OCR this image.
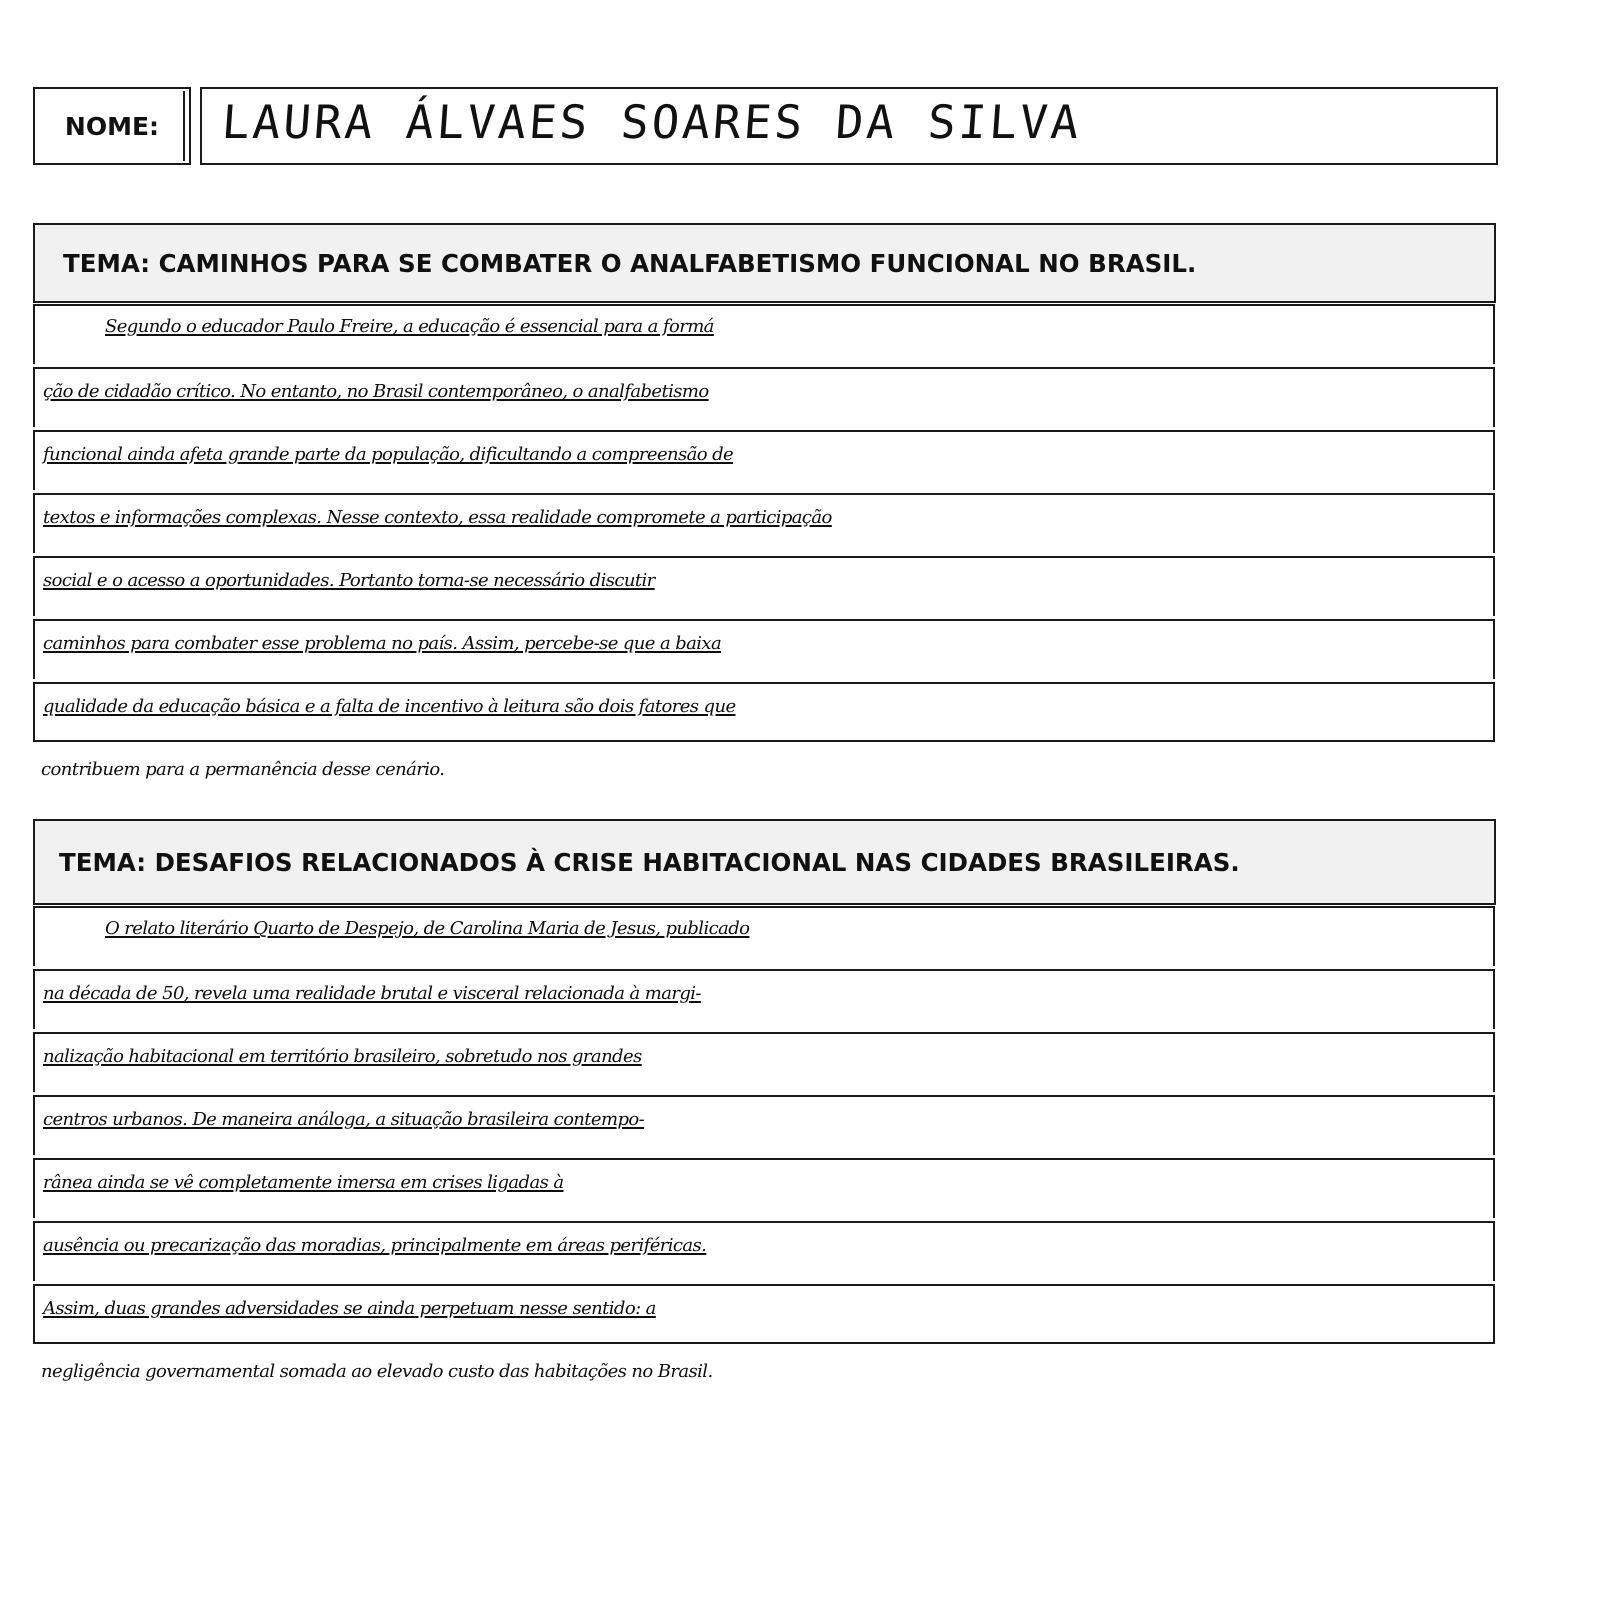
NOME:	LAURA ÁLVAES SOARES DA SILVA
TEMA: CAMINHOS PARA SE COMBATER O ANALFABETISMO FUNCIONAL NO BRASIL.
Segundo o educador Paulo Freire, a educação é essencial para a formá
ção de cidadão crítico. No entanto, no Brasil contemporâneo, o analfabetismo
funcional ainda afeta grande parte da população, dificultando a compreensão de
textos e informações complexas. Nesse contexto, essa realidade compromete a participação
social e o acesso a oportunidades. Portanto torna-se necessário discutir
caminhos para combater esse problema no país. Assim, percebe-se que a baixa
qualidade da educação básica e a falta de incentivo à leitura são dois fatores que
contribuem para a permanência desse cenário.
TEMA: DESAFIOS RELACIONADOS À CRISE HABITACIONAL NAS CIDADES BRASILEIRAS.
O relato literário Quarto de Despejo, de Carolina Maria de Jesus, publicado
na década de 50, revela uma realidade brutal e visceral relacionada à margi-
nalização habitacional em território brasileiro, sobretudo nos grandes
centros urbanos. De maneira análoga, a situação brasileira contempo-
rânea ainda se vê completamente imersa em crises ligadas à
ausência ou precarização das moradias, principalmente em áreas periféricas.
Assim, duas grandes adversidades se ainda perpetuam nesse sentido: a
negligência governamental somada ao elevado custo das habitações no Brasil.
